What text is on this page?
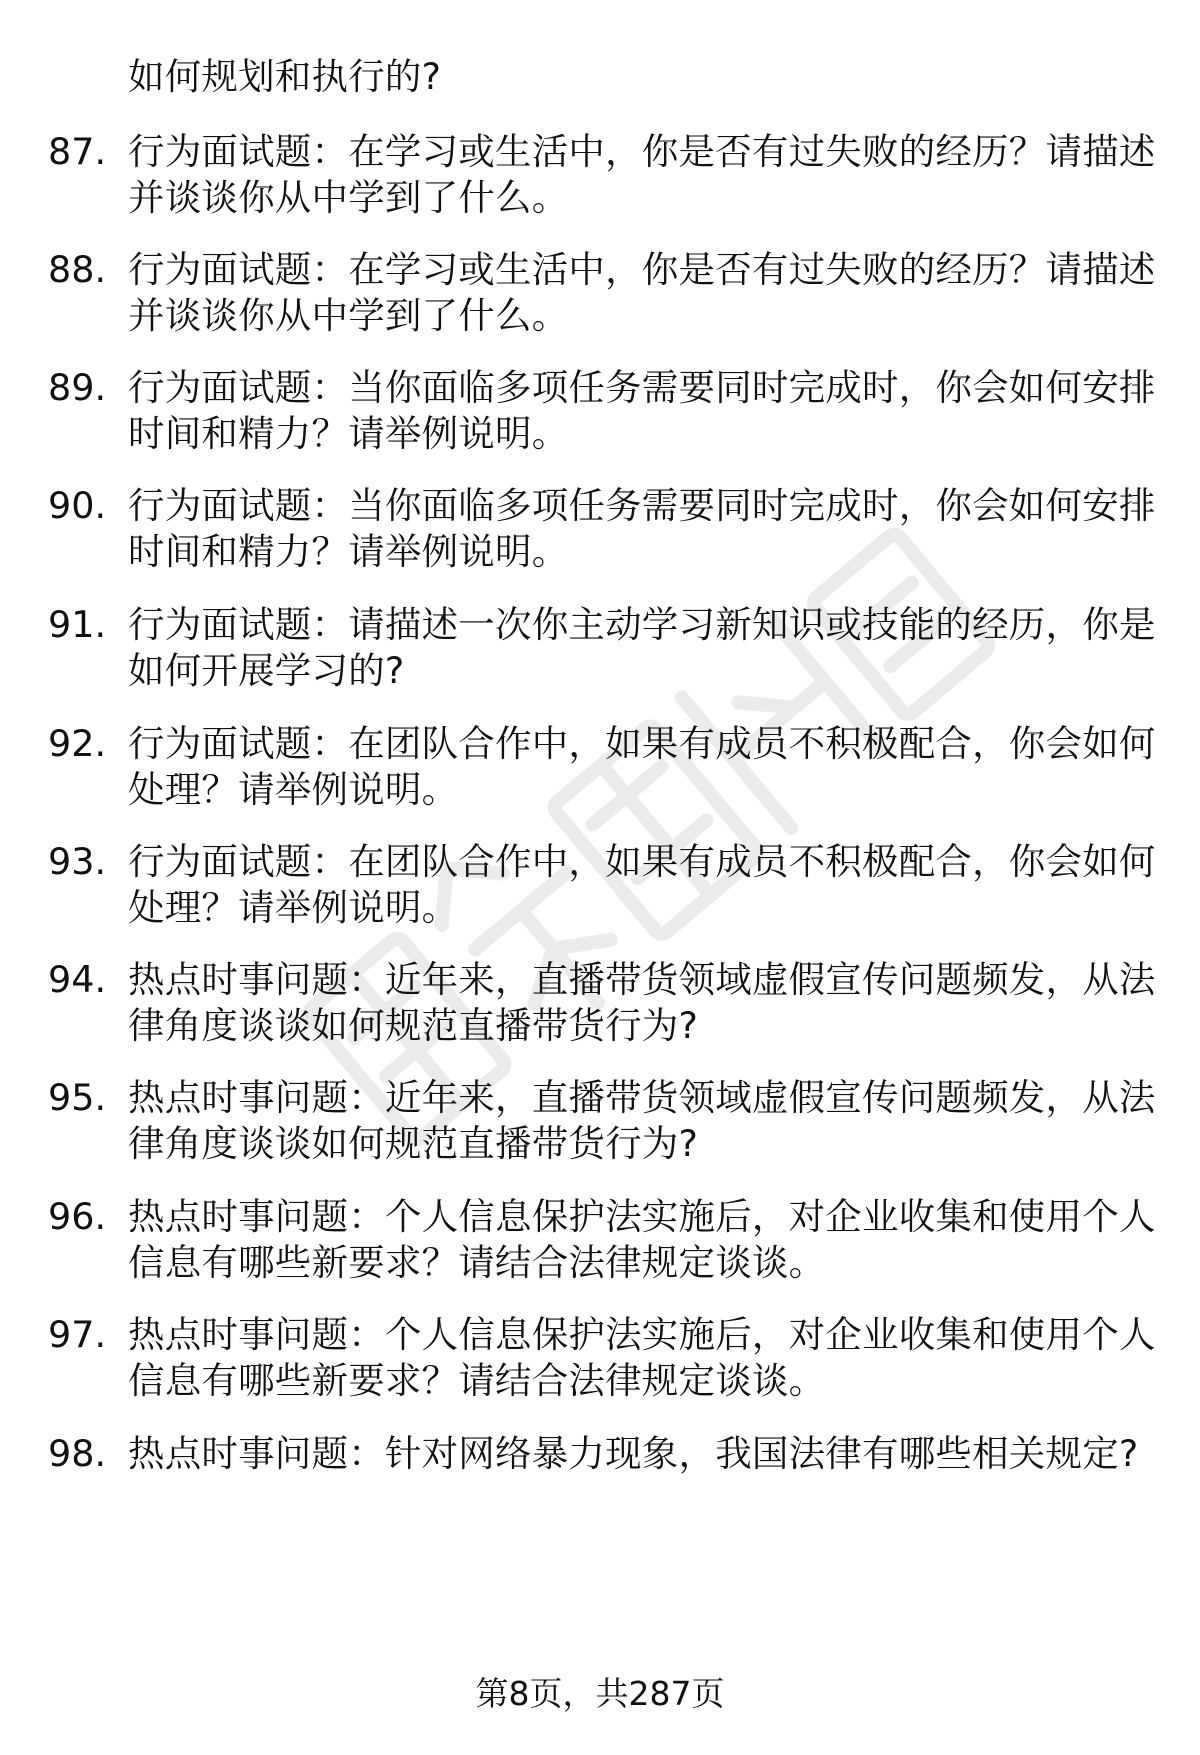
如何规划和执行的?
87. 行为面试题：在学习或生活中，你是否有过失败的经历？请描述
并谈谈你从中学到了什么。
88. 行为面试题：在学习或生活中，你是否有过失败的经历？请描述
并谈谈你从中学到了什么。
89. 行为面试题：当你面临多项任务需要同时完成时，你会如何安排
时间和精力？请举例说明。
90. 行为面试题：当你面临多项任务需要同时完成时，你会如何安排
时间和精力？请举例说明。
91. 行为面试题：请描述一次你主动学习新知识或技能的经历，你是
如何开展学习的?
92. 行为面试题：在团队合作中，如果有成员不积极配合，你会如何
处理？请举例说明。
93. 行为面试题：在团队合作中，如果有成员不积极配合，你会如何
处理？请举例说明。
94. 热点时事问题：近年来，直播带货领域虚假宣传问题频发，从法
律角度谈谈如何规范直播带货行为?
95. 热点时事问题：近年来，直播带货领域虚假宣传问题频发，从法
律角度谈谈如何规范直播带货行为?
96. 热点时事问题：个人信息保护法实施后，对企业收集和使用个人
信息有哪些新要求？请结合法律规定谈谈。
97. 热点时事问题：个人信息保护法实施后，对企业收集和使用个人
信息有哪些新要求？请结合法律规定谈谈。
98. 热点时事问题：针对网络暴力现象，我国法律有哪些相关规定?
第8页，共287页
